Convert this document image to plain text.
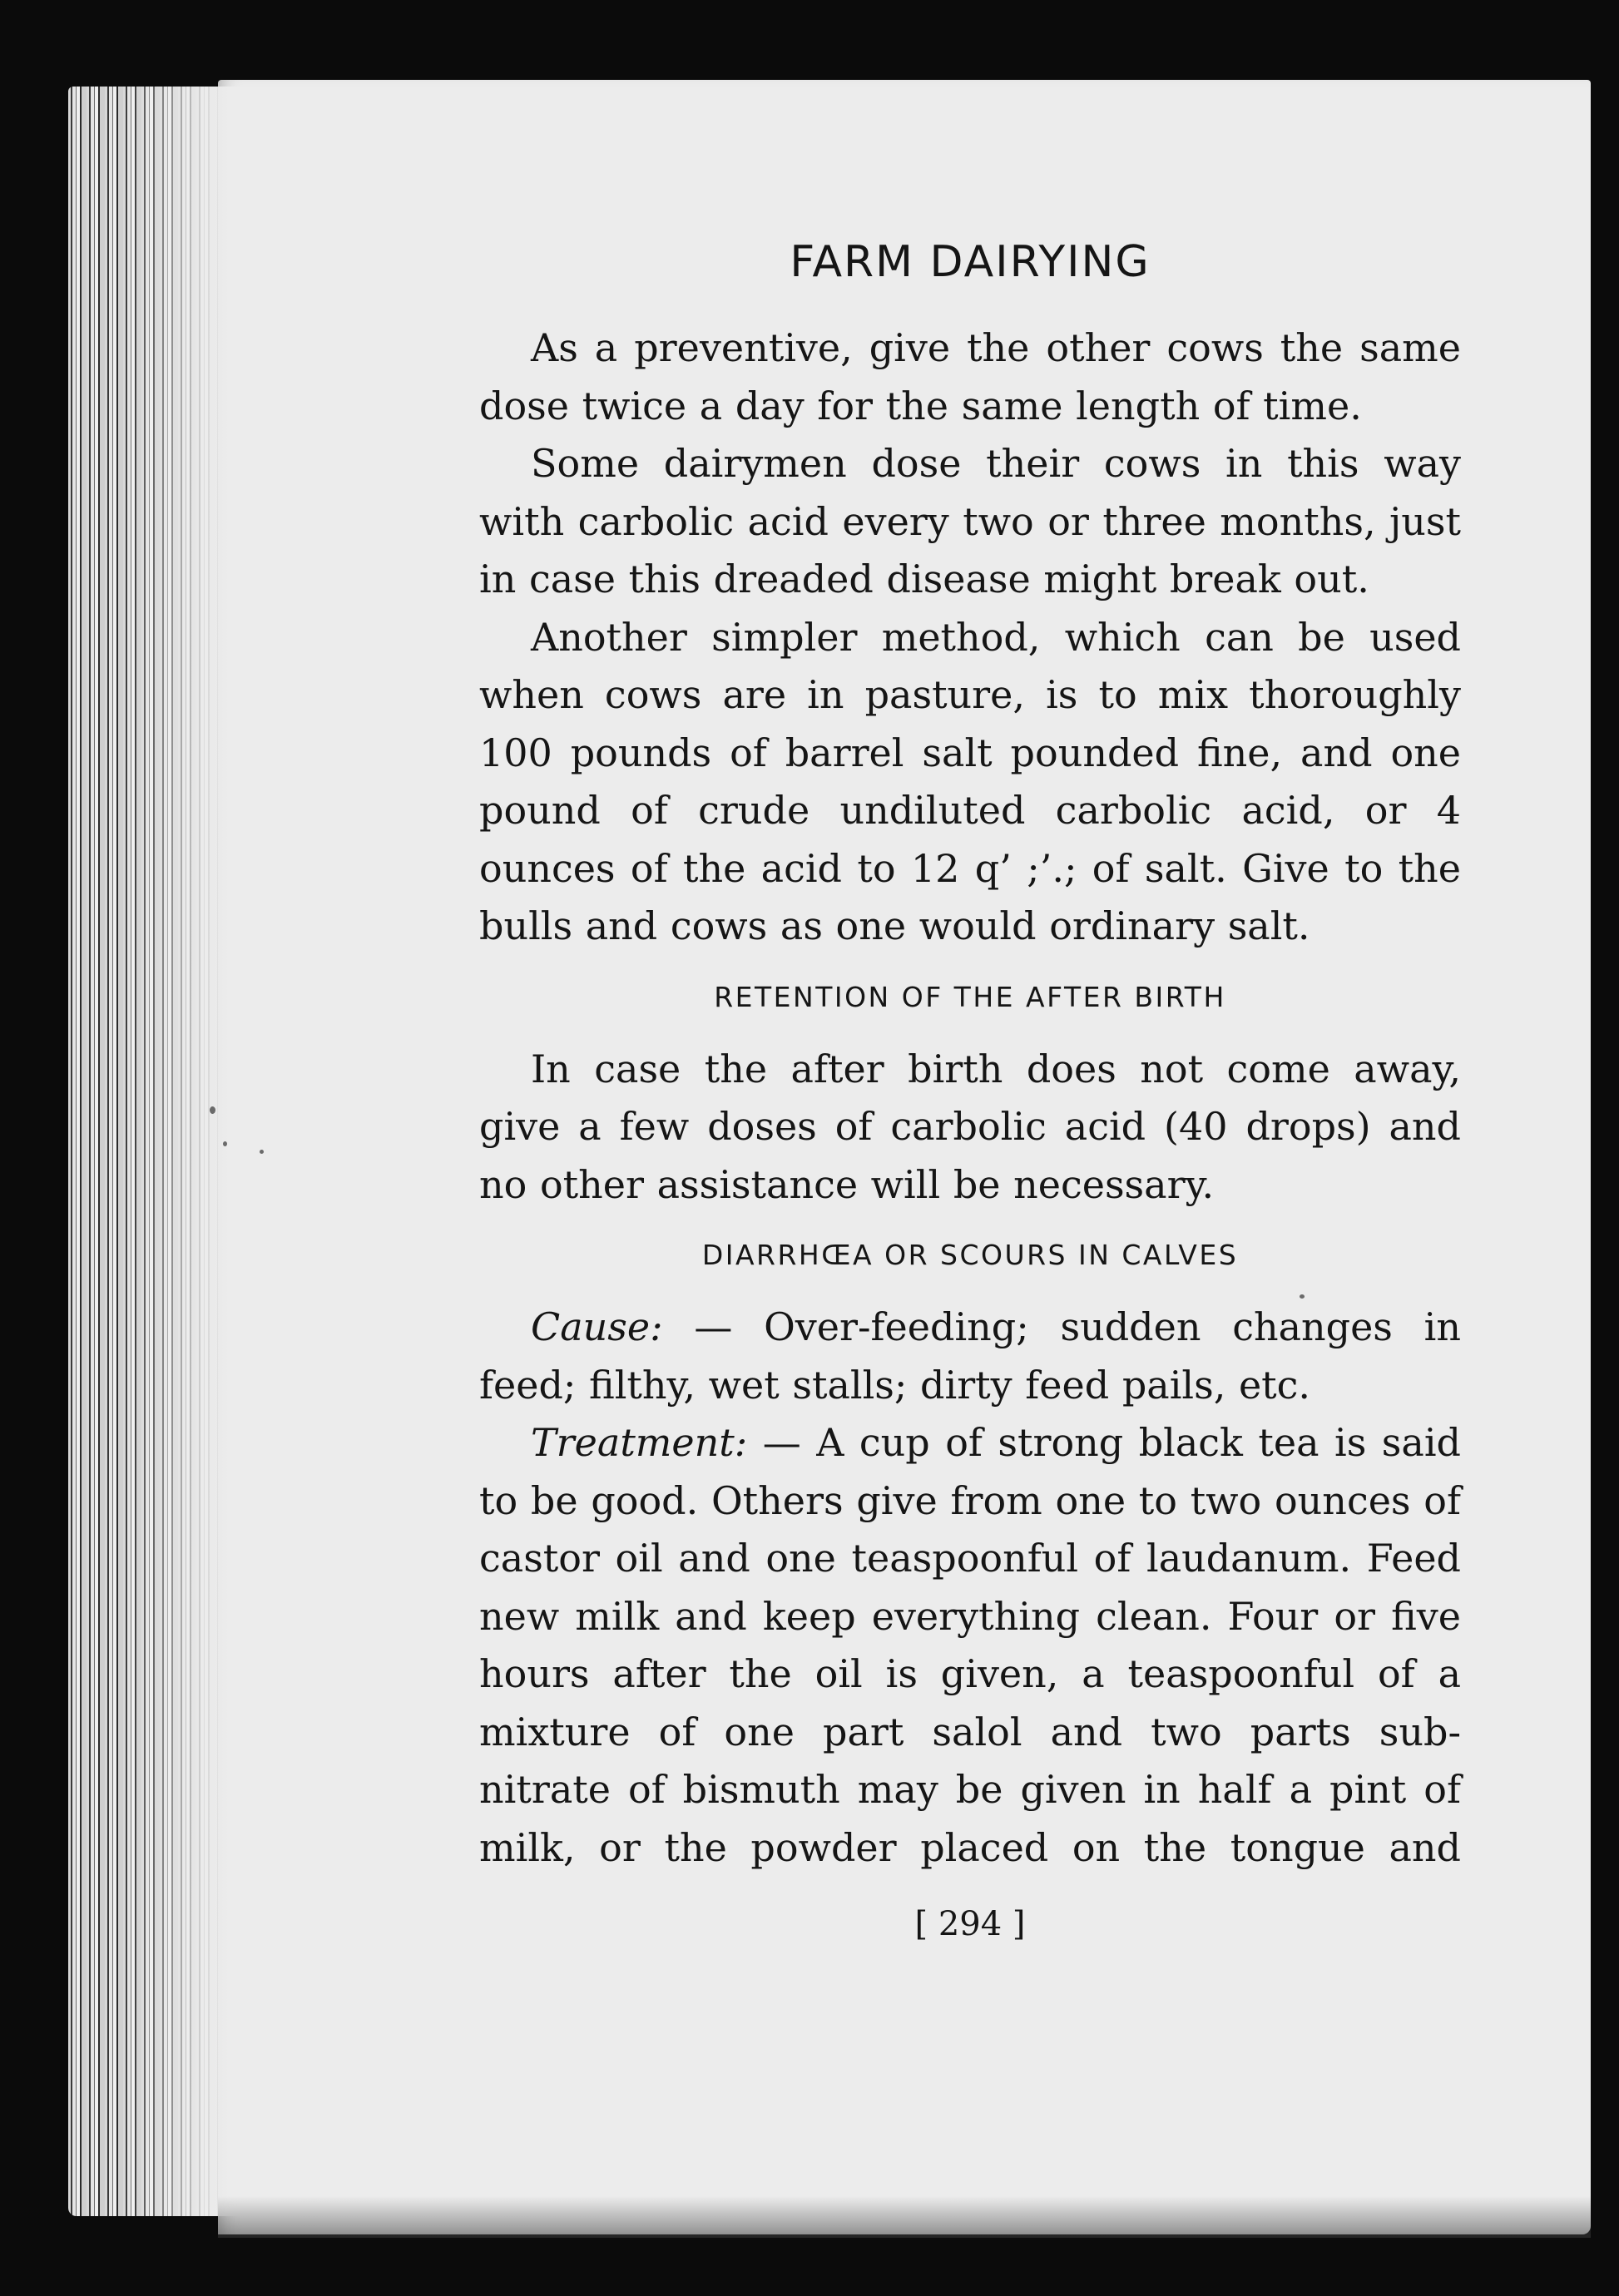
FARM DAIRYING

As a preventive, give the other cows the same dose twice a day for the same length of time.

Some dairymen dose their cows in this way with carbolic acid every two or three months, just in case this dreaded disease might break out.

Another simpler method, which can be used when cows are in pasture, is to mix thoroughly 100 pounds of barrel salt pounded fine, and one pound of crude undiluted carbolic acid, or 4 ounces of the acid to 12 q’ ;’.; of salt. Give to the bulls and cows as one would ordinary salt.

RETENTION OF THE AFTER BIRTH

In case the after birth does not come away, give a few doses of carbolic acid (40 drops) and no other assistance will be necessary.

DIARRHŒA OR SCOURS IN CALVES

Cause: — Over-feeding; sudden changes in feed; filthy, wet stalls; dirty feed pails, etc.

Treatment: — A cup of strong black tea is said to be good. Others give from one to two ounces of castor oil and one teaspoonful of laudanum. Feed new milk and keep everything clean. Four or five hours after the oil is given, a teaspoonful of a mixture of one part salol and two parts sub-nitrate of bismuth may be given in half a pint of milk, or the powder placed on the tongue and

[ 294 ]
